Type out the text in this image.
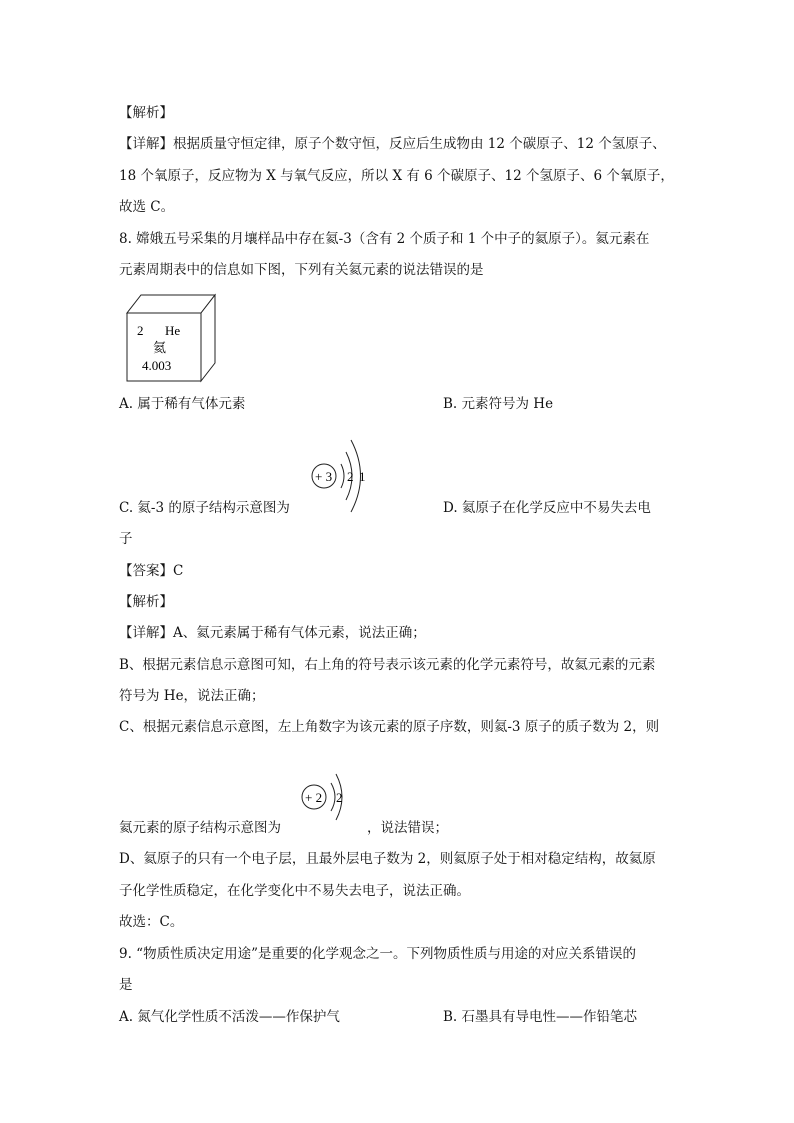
【解析】
【详解】根据质量守恒定律，原子个数守恒，反应后生成物由 12 个碳原子、12 个氢原子、
18 个氧原子，反应物为 X 与氧气反应，所以 X 有 6 个碳原子、12 个氢原子、6 个氧原子，
故选 C。
8. 嫦娥五号采集的月壤样品中存在氦-3（含有 2 个质子和 1 个中子的氦原子）。氦元素在
元素周期表中的信息如下图，下列有关氦元素的说法错误的是
2 He
氦
4.003
A. 属于稀有气体元素	B. 元素符号为 He
+ 3 2 1
C. 氦-3 的原子结构示意图为	D. 氦原子在化学反应中不易失去电
子
【答案】C
【解析】
【详解】A、氦元素属于稀有气体元素，说法正确；
B、根据元素信息示意图可知，右上角的符号表示该元素的化学元素符号，故氦元素的元素
符号为 He，说法正确；
C、根据元素信息示意图，左上角数字为该元素的原子序数，则氦-3 原子的质子数为 2，则
+ 2 2
氦元素的原子结构示意图为	，说法错误；
D、氦原子的只有一个电子层，且最外层电子数为 2，则氦原子处于相对稳定结构，故氦原
子化学性质稳定，在化学变化中不易失去电子，说法正确。
故选：C。
9. “物质性质决定用途”是重要的化学观念之一。下列物质性质与用途的对应关系错误的
是
A. 氮气化学性质不活泼——作保护气	B. 石墨具有导电性——作铅笔芯
